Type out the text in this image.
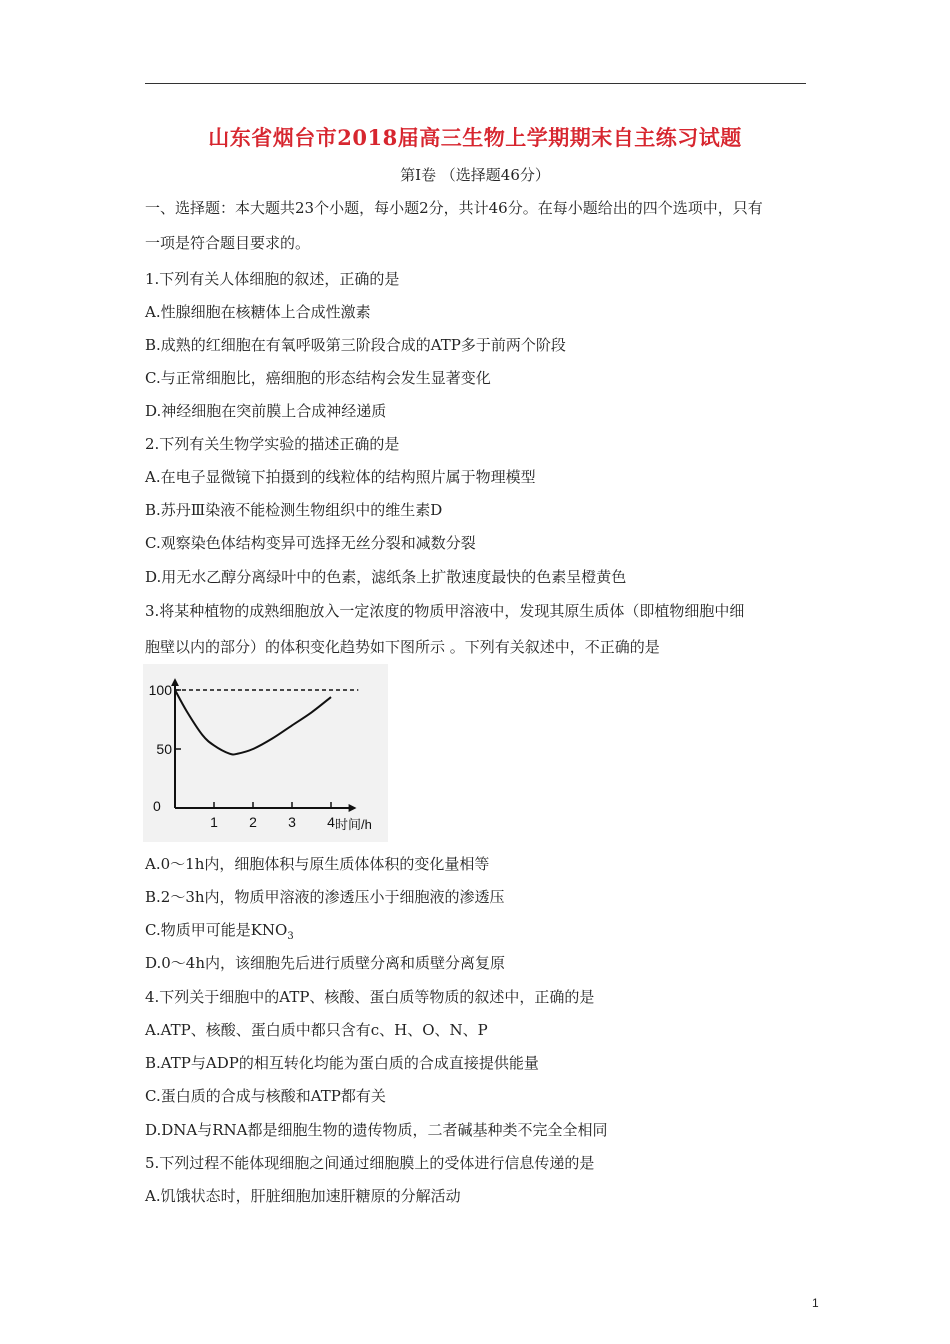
山东省烟台市2018届高三生物上学期期末自主练习试题
第Ⅰ卷 （选择题46分）
一、选择题：本大题共23个小题，每小题2分，共计46分。在每小题给出的四个选项中，只有
一项是符合题目要求的。
1.下列有关人体细胞的叙述，正确的是
A.性腺细胞在核糖体上合成性激素
B.成熟的红细胞在有氧呼吸第三阶段合成的ATP多于前两个阶段
C.与正常细胞比，癌细胞的形态结构会发生显著变化
D.神经细胞在突前膜上合成神经递质
2.下列有关生物学实验的描述正确的是
A.在电子显微镜下拍摄到的线粒体的结构照片属于物理模型
B.苏丹Ⅲ染液不能检测生物组织中的维生素D
C.观察染色体结构变异可选择无丝分裂和减数分裂
D.用无水乙醇分离绿叶中的色素，滤纸条上扩散速度最快的色素呈橙黄色
3.将某种植物的成熟细胞放入一定浓度的物质甲溶液中，发现其原生质体（即植物细胞中细
胞壁以内的部分）的体积变化趋势如下图所示 。下列有关叙述中，不正确的是
1 2 3 4
100
50
0
时间/h
A.0～1h内，细胞体积与原生质体体积的变化量相等
B.2～3h内，物质甲溶液的渗透压小于细胞液的渗透压
C.物质甲可能是$KNO_3$
D.0～4h内，该细胞先后进行质壁分离和质壁分离复原
4.下列关于细胞中的ATP、核酸、蛋白质等物质的叙述中，正确的是
A.ATP、核酸、蛋白质中都只含有c、H、O、N、P
B.ATP与ADP的相互转化均能为蛋白质的合成直接提供能量
C.蛋白质的合成与核酸和ATP都有关
D.DNA与RNA都是细胞生物的遗传物质，二者碱基种类不完全全相同
5.下列过程不能体现细胞之间通过细胞膜上的受体进行信息传递的是
A.饥饿状态时，肝脏细胞加速肝糖原的分解活动
1
